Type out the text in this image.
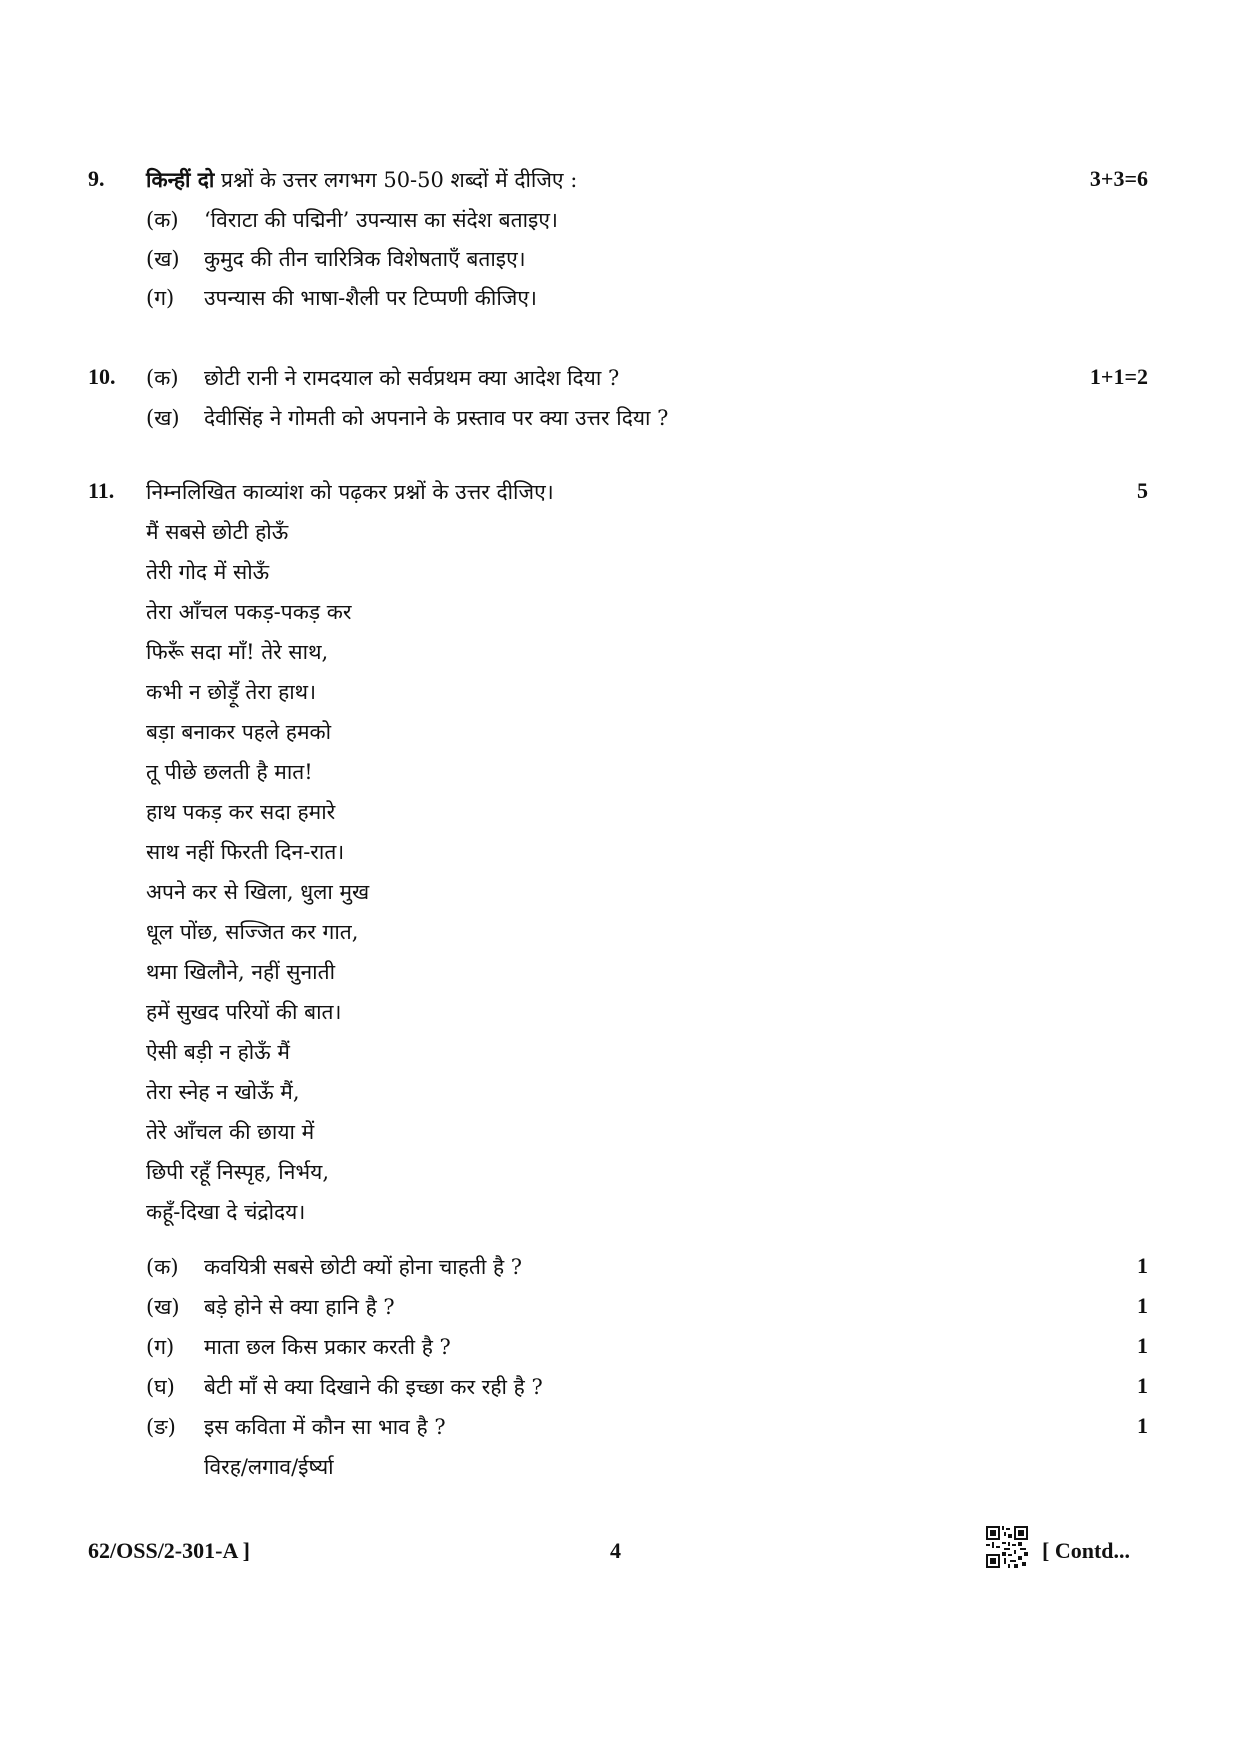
9. किन्हीं दो प्रश्नों के उत्तर लगभग 50-50 शब्दों में दीजिए :	3+3=6
(क) ‘विराटा की पद्मिनी’ उपन्यास का संदेश बताइए।
(ख) कुमुद की तीन चारित्रिक विशेषताएँ बताइए।
(ग) उपन्यास की भाषा-शैली पर टिप्पणी कीजिए।
10. (क) छोटी रानी ने रामदयाल को सर्वप्रथम क्या आदेश दिया ?	1+1=2
(ख) देवीसिंह ने गोमती को अपनाने के प्रस्ताव पर क्या उत्तर दिया ?
11. निम्नलिखित काव्यांश को पढ़कर प्रश्नों के उत्तर दीजिए।	5
मैं सबसे छोटी होऊँ
तेरी गोद में सोऊँ
तेरा आँचल पकड़-पकड़ कर
फिरूँ सदा माँ! तेरे साथ,
कभी न छोड़ूँ तेरा हाथ।
बड़ा बनाकर पहले हमको
तू पीछे छलती है मात!
हाथ पकड़ कर सदा हमारे
साथ नहीं फिरती दिन-रात।
अपने कर से खिला, धुला मुख
धूल पोंछ, सज्जित कर गात,
थमा खिलौने, नहीं सुनाती
हमें सुखद परियों की बात।
ऐसी बड़ी न होऊँ मैं
तेरा स्नेह न खोऊँ मैं,
तेरे आँचल की छाया में
छिपी रहूँ निस्पृह, निर्भय,
कहूँ-दिखा दे चंद्रोदय।
(क) कवयित्री सबसे छोटी क्यों होना चाहती है ?	1
(ख) बड़े होने से क्या हानि है ?	1
(ग) माता छल किस प्रकार करती है ?	1
(घ) बेटी माँ से क्या दिखाने की इच्छा कर रही है ?	1
(ङ) इस कविता में कौन सा भाव है ?	1
विरह/लगाव/ईर्ष्या
62/OSS/2-301-A ]	4	[ Contd...
